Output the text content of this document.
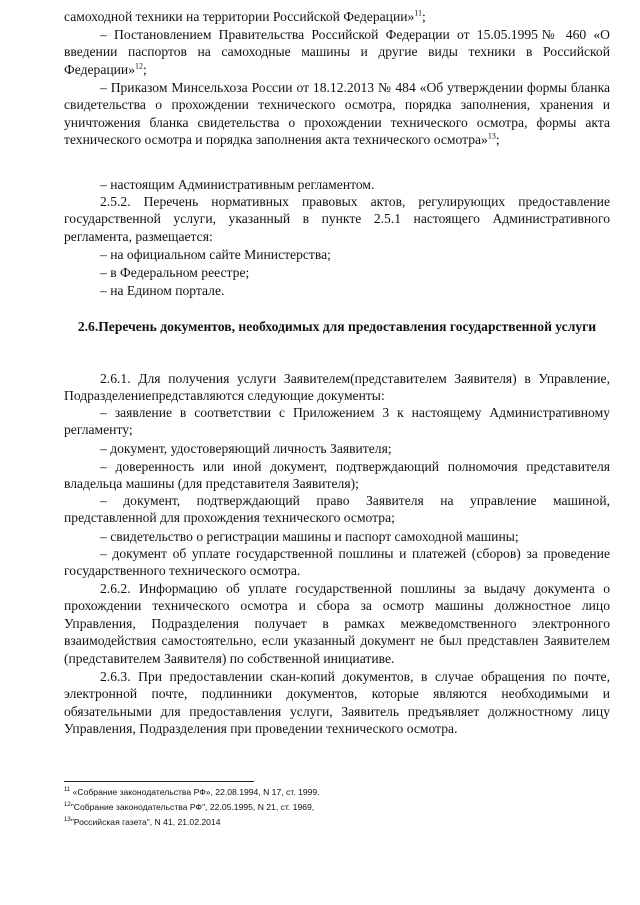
самоходной техники на территории Российской Федерации»$^{11}$;
– Постановлением Правительства Российской Федерации от 15.05.1995№ 460 «О введении паспортов на самоходные машины и другие виды техники в Российской Федерации»$^{12}$;
– Приказом Минсельхоза России от 18.12.2013 № 484 «Об утверждении формы бланка свидетельства о прохождении технического осмотра, порядка заполнения, хранения и уничтожения бланка свидетельства о прохождении технического осмотра, формы акта технического осмотра и порядка заполнения акта технического осмотра»$^{13}$;
– настоящим Административным регламентом.
2.5.2. Перечень нормативных правовых актов, регулирующих предоставление государственной услуги, указанный в пункте 2.5.1 настоящего Административного регламента, размещается:
– на официальном сайте Министерства;
– в Федеральном реестре;
– на Едином портале.
2.6.Перечень документов, необходимых для предоставления государственной услуги
2.6.1. Для получения услуги Заявителем(представителем Заявителя) в Управление, Подразделениепредставляются следующие документы:
– заявление в соответствии с Приложением 3 к настоящему Административному регламенту;
– документ, удостоверяющий личность Заявителя;
– доверенность или иной документ, подтверждающий полномочия представителя владельца машины (для представителя Заявителя);
– документ, подтверждающий право Заявителя на управление машиной, представленной для прохождения технического осмотра;
– свидетельство о регистрации машины и паспорт самоходной машины;
– документ об уплате государственной пошлины и платежей (сборов) за проведение государственного технического осмотра.
2.6.2. Информацию об уплате государственной пошлины за выдачу документа о прохождении технического осмотра и сбора за осмотр машины должностное лицо Управления, Подразделения получает в рамках межведомственного электронного взаимодействия самостоятельно, если указанный документ не был представлен Заявителем (представителем Заявителя) по собственной инициативе.
2.6.3. При предоставлении скан-копий документов, в случае обращения по почте, электронной почте, подлинники документов, которые являются необходимыми и обязательными для предоставления услуги, Заявитель предъявляет должностному лицу Управления, Подразделения при проведении технического осмотра.
$^{11}$ «Собрание законодательства РФ», 22.08.1994, N 17, ст. 1999.
$^{12}$"Собрание законодательства РФ", 22.05.1995, N 21, ст. 1969,
$^{13}$"Российская газета", N 41, 21.02.2014
